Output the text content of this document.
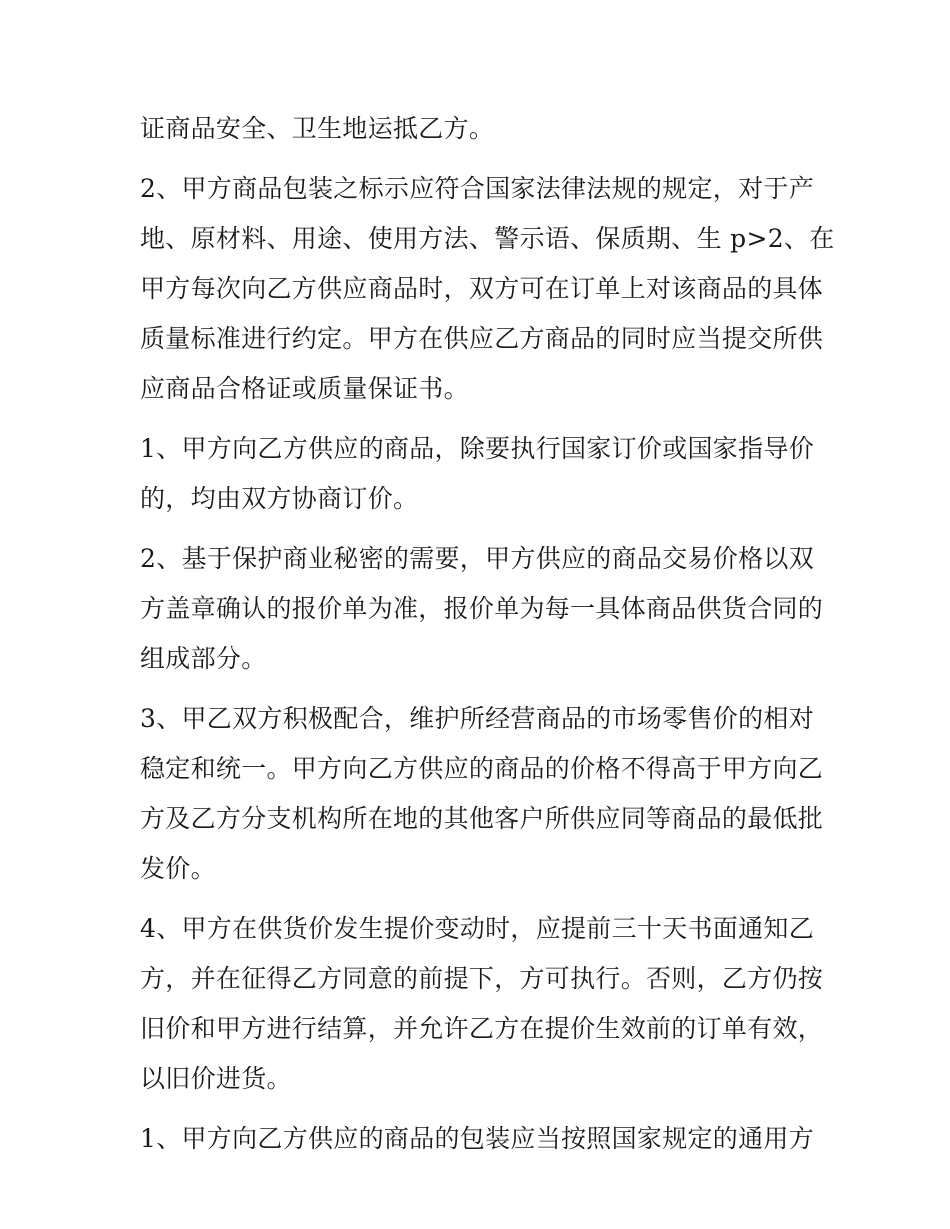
证商品安全、卫生地运抵乙方。

2、甲方商品包装之标示应符合国家法律法规的规定，对于产
地、原材料、用途、使用方法、警示语、保质期、生 p>2、在
甲方每次向乙方供应商品时，双方可在订单上对该商品的具体
质量标准进行约定。甲方在供应乙方商品的同时应当提交所供
应商品合格证或质量保证书。

1、甲方向乙方供应的商品，除要执行国家订价或国家指导价
的，均由双方协商订价。

2、基于保护商业秘密的需要，甲方供应的商品交易价格以双
方盖章确认的报价单为准，报价单为每一具体商品供货合同的
组成部分。

3、甲乙双方积极配合，维护所经营商品的市场零售价的相对
稳定和统一。甲方向乙方供应的商品的价格不得高于甲方向乙
方及乙方分支机构所在地的其他客户所供应同等商品的最低批
发价。

4、甲方在供货价发生提价变动时，应提前三十天书面通知乙
方，并在征得乙方同意的前提下，方可执行。否则，乙方仍按
旧价和甲方进行结算，并允许乙方在提价生效前的订单有效，
以旧价进货。

1、甲方向乙方供应的商品的包装应当按照国家规定的通用方
